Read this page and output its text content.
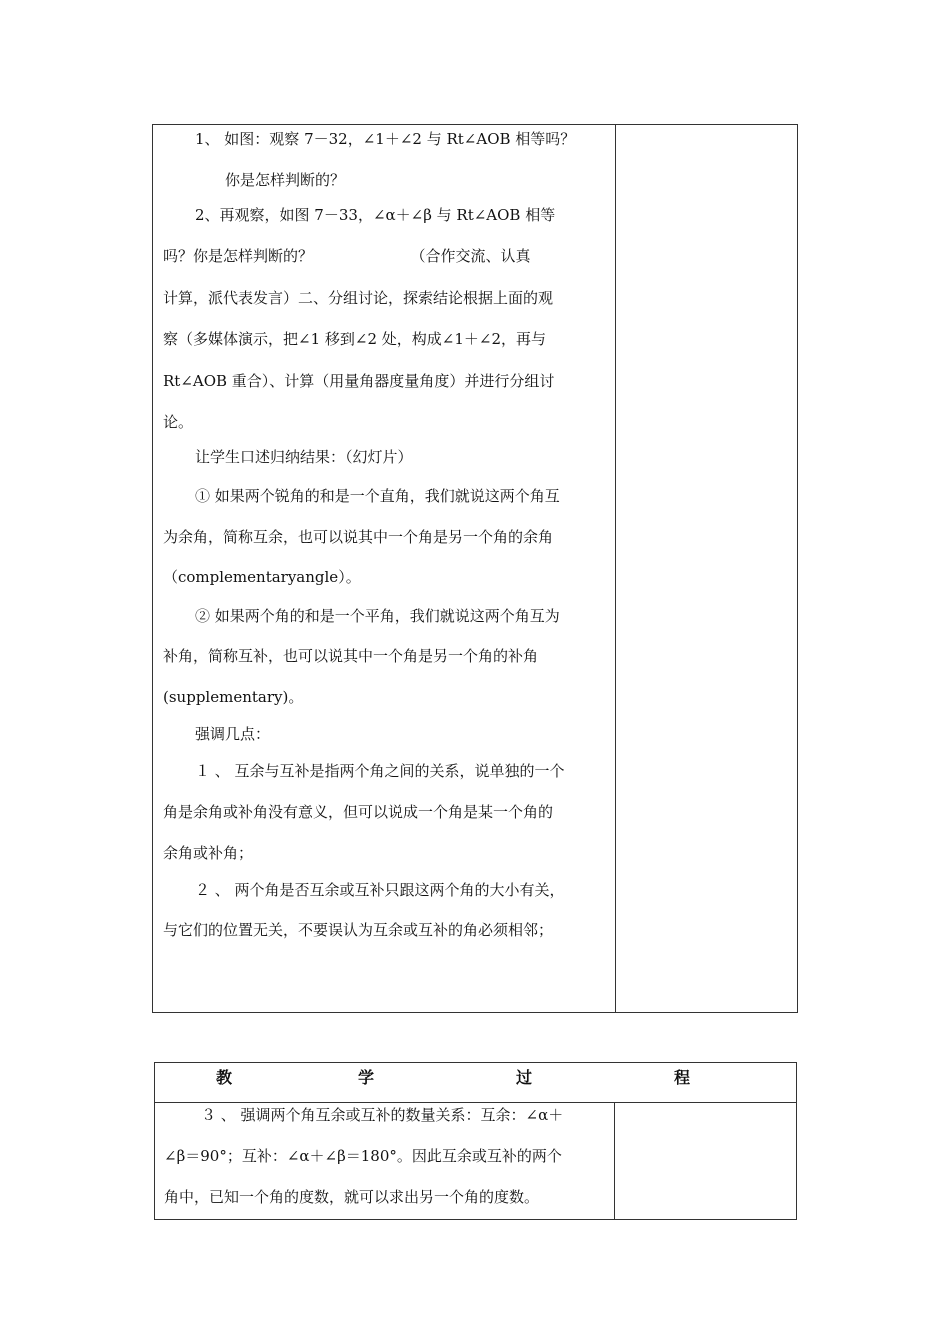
1、 如图：观察 7－32，∠1＋∠2 与 Rt∠AOB 相等吗？
你是怎样判断的？
2、再观察，如图 7－33，∠α＋∠β 与 Rt∠AOB 相等
吗？你是怎样判断的？　　　　　　　（合作交流、认真
计算，派代表发言）二、分组讨论，探索结论根据上面的观
察（多媒体演示，把∠1 移到∠2 处，构成∠1＋∠2，再与
Rt∠AOB 重合）、计算（用量角器度量角度）并进行分组讨
论。
让学生口述归纳结果：（幻灯片）
① 如果两个锐角的和是一个直角，我们就说这两个角互
为余角，简称互余，也可以说其中一个角是另一个角的余角
（complementaryangle）。
② 如果两个角的和是一个平角，我们就说这两个角互为
补角，简称互补，也可以说其中一个角是另一个角的补角
(supplementary)。
强调几点：
１ 、 互余与互补是指两个角之间的关系，说单独的一个
角是余角或补角没有意义，但可以说成一个角是某一个角的
余角或补角；
２ 、 两个角是否互余或互补只跟这两个角的大小有关，
与它们的位置无关，不要误认为互余或互补的角必须相邻；
教	学	过	程
３ 、 强调两个角互余或互补的数量关系：互余：∠α＋
∠β＝90°；互补：∠α＋∠β＝180°。因此互余或互补的两个
角中，已知一个角的度数，就可以求出另一个角的度数。
